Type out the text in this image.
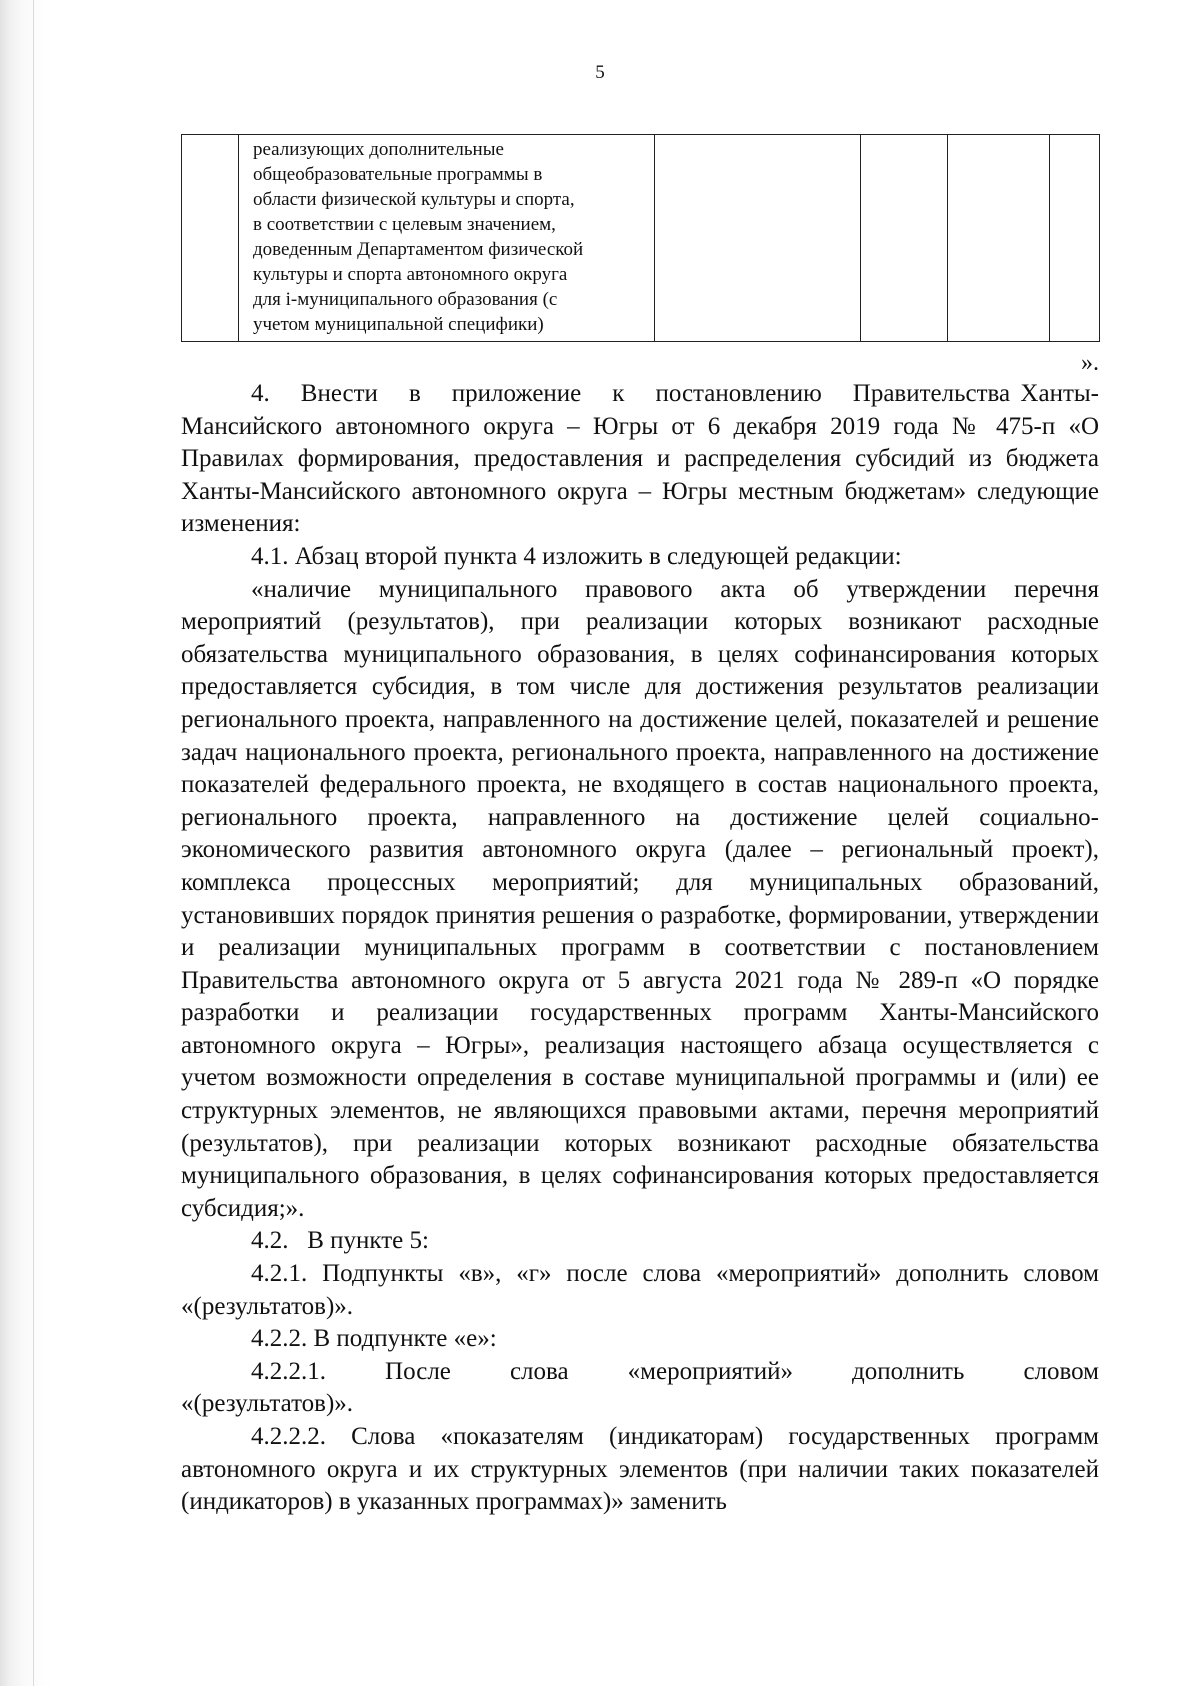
5

реализующих дополнительные
общеобразовательные программы в
области физической культуры и спорта,
в соответствии с целевым значением,
доведенным Департаментом физической
культуры и спорта автономного округа
для i-муниципального образования (с
учетом муниципальной специфики)

».

4.   Внести   в   приложение   к   постановлению   Правительства Ханты-Мансийского автономного округа – Югры от 6 декабря 2019 года № 475-п «О Правилах формирования, предоставления и распределения субсидий из бюджета Ханты-Мансийского автономного округа – Югры местным бюджетам» следующие изменения:

4.1. Абзац второй пункта 4 изложить в следующей редакции:

«наличие муниципального правового акта об утверждении перечня мероприятий (результатов), при реализации которых возникают расходные обязательства муниципального образования, в целях софинансирования которых предоставляется субсидия, в том числе для достижения результатов реализации регионального проекта, направленного на достижение целей, показателей и решение задач национального проекта, регионального проекта, направленного на достижение показателей федерального проекта, не входящего в состав национального проекта, регионального проекта, направленного на достижение целей социально-экономического развития автономного округа (далее – региональный проект), комплекса процессных мероприятий; для муниципальных образований, установивших порядок принятия решения о разработке, формировании, утверждении и реализации муниципальных программ в соответствии с постановлением Правительства автономного округа от 5 августа 2021 года № 289-п «О порядке разработки и реализации государственных программ Ханты-Мансийского автономного округа – Югры», реализация настоящего абзаца осуществляется с учетом возможности определения в составе муниципальной программы и (или) ее структурных элементов, не являющихся правовыми актами, перечня мероприятий (результатов), при реализации которых возникают расходные обязательства муниципального образования, в целях софинансирования которых предоставляется субсидия;».

4.2.   В пункте 5:

4.2.1. Подпункты «в», «г» после слова «мероприятий» дополнить словом «(результатов)».

4.2.2. В подпункте «е»:

4.2.2.1.      После      слова      «мероприятий»      дополнить      словом «(результатов)».

4.2.2.2. Слова «показателям (индикаторам) государственных программ автономного округа и их структурных элементов (при наличии таких показателей (индикаторов) в указанных программах)» заменить
